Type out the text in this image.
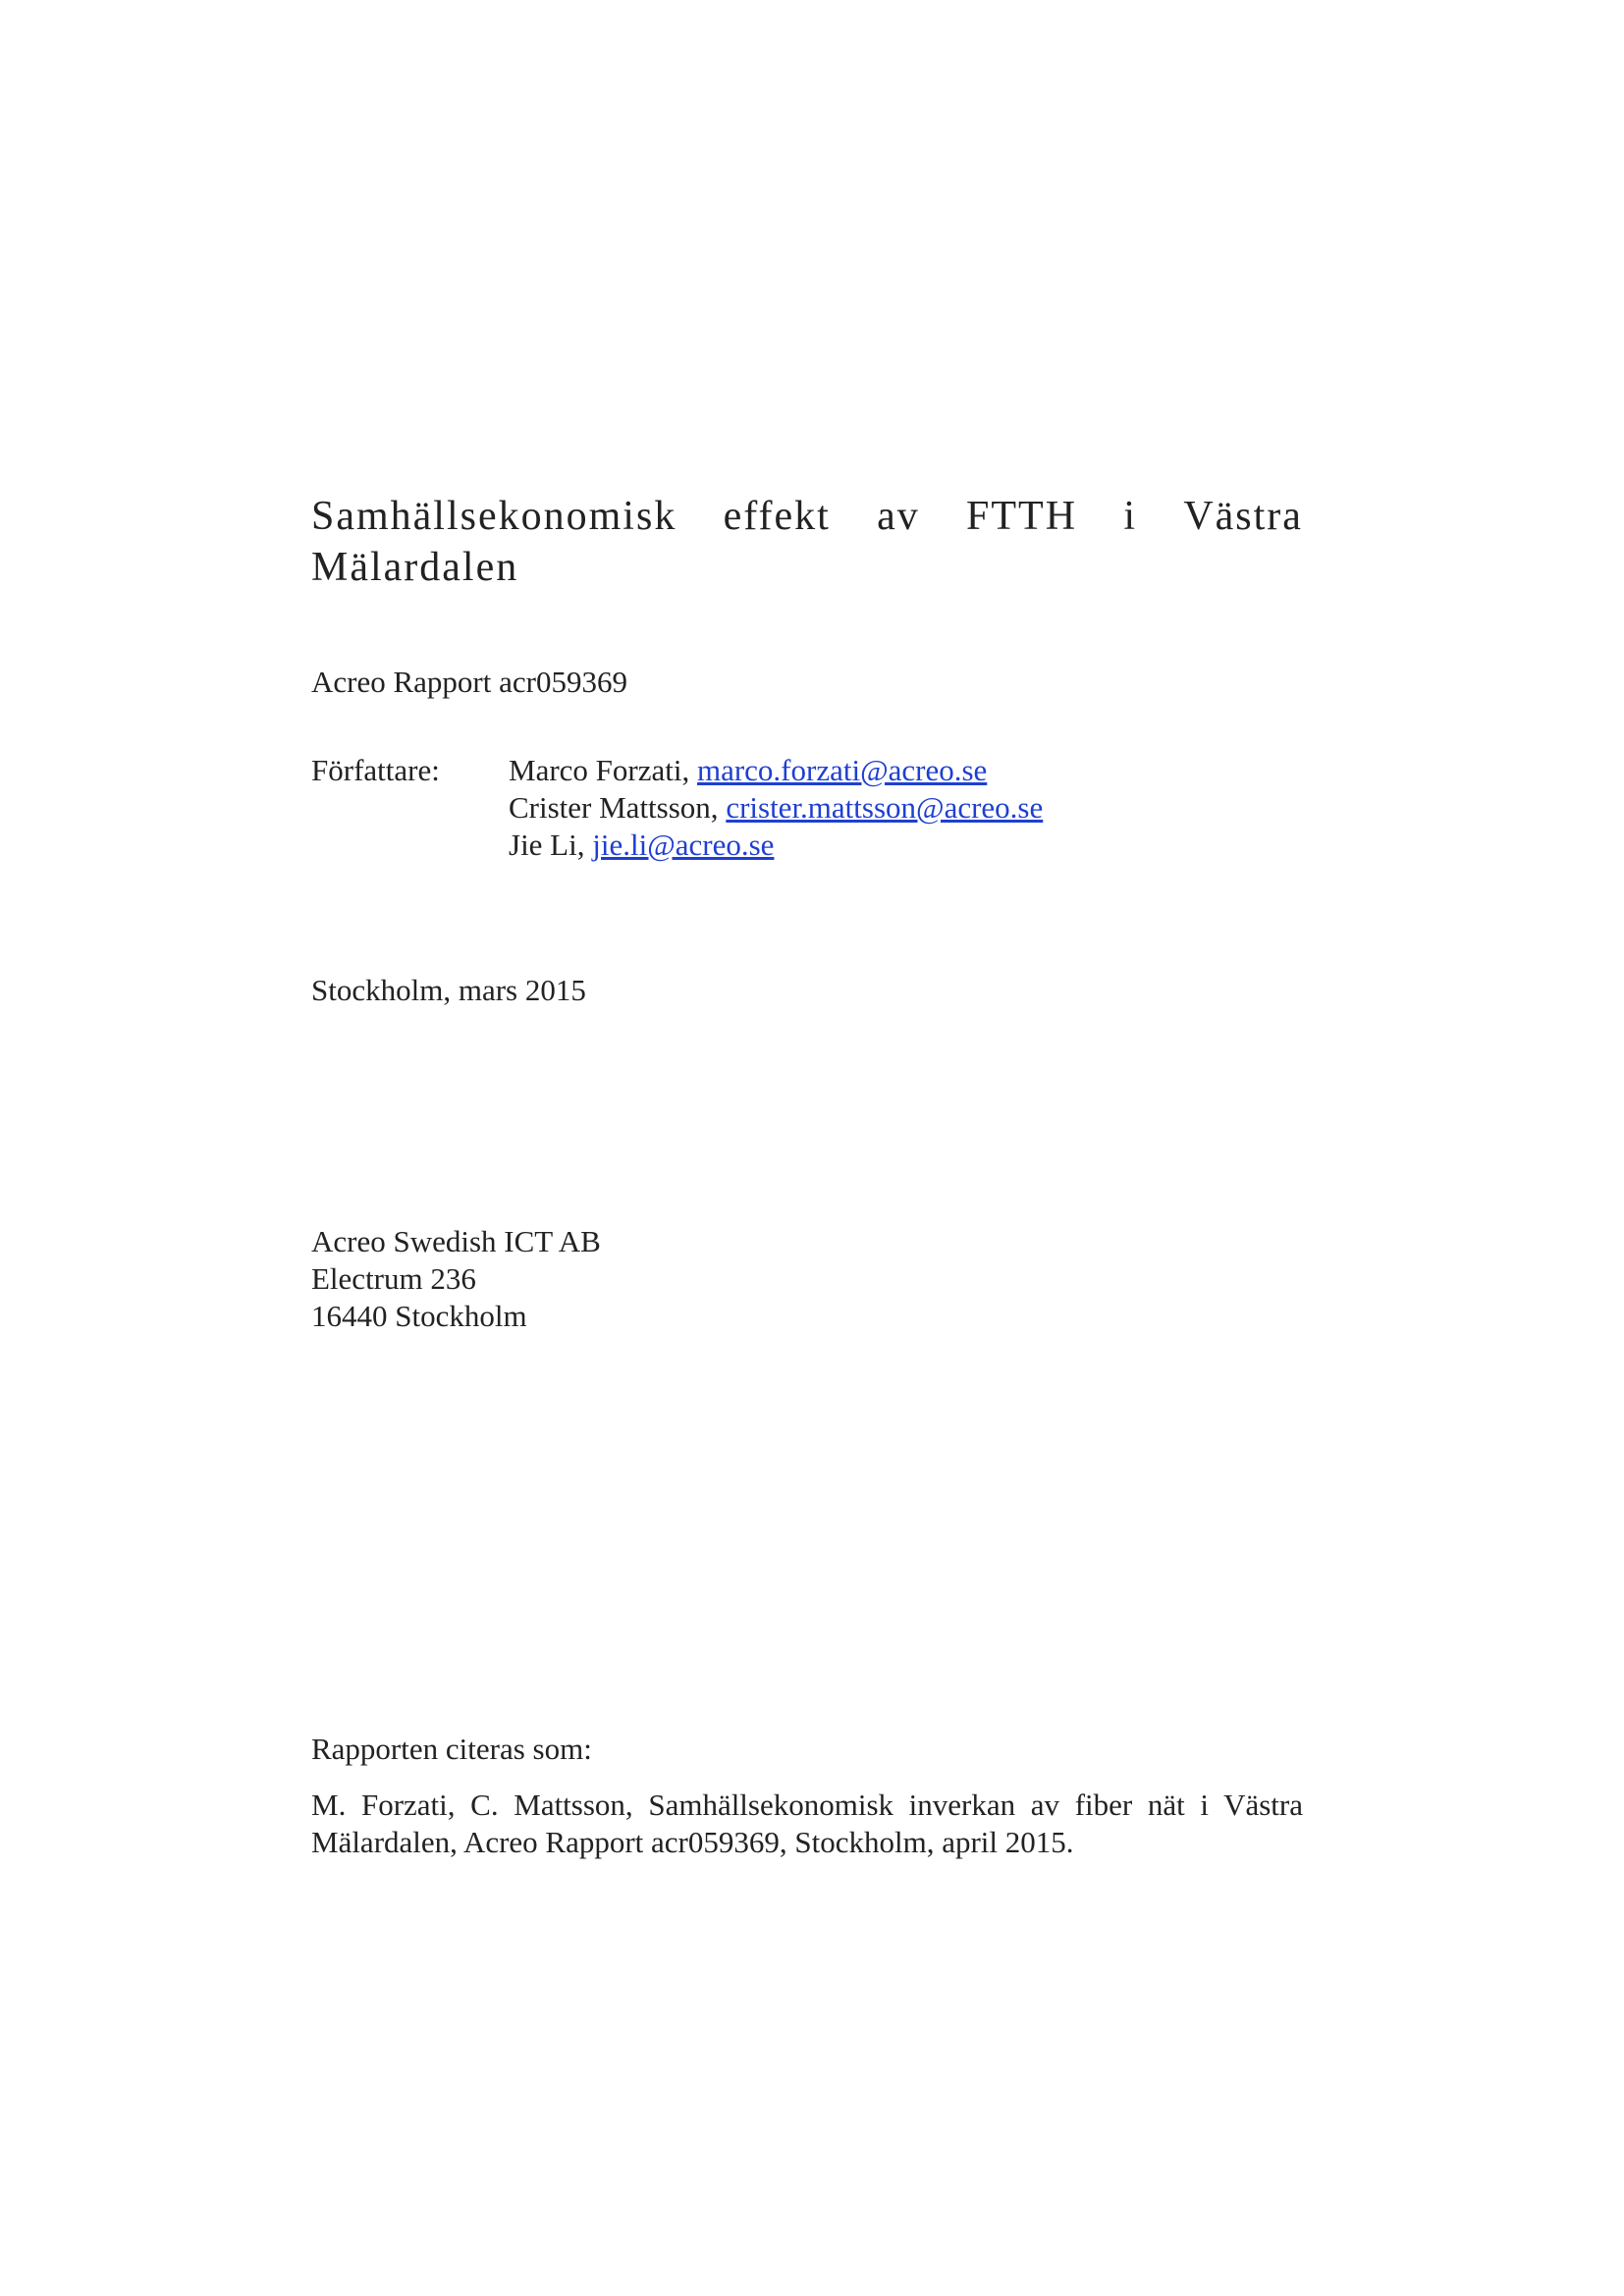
Samhällsekonomisk effekt av FTTH i Västra
Mälardalen
Acreo Rapport acr059369
Författare: Marco Forzati, marco.forzati@acreo.se
Crister Mattsson, crister.mattsson@acreo.se
Jie Li, jie.li@acreo.se
Stockholm, mars 2015
Acreo Swedish ICT AB
Electrum 236
16440 Stockholm
Rapporten citeras som:
M. Forzati, C. Mattsson, Samhällsekonomisk inverkan av fiber nät i Västra Mälardalen, Acreo Rapport acr059369, Stockholm, april 2015.
